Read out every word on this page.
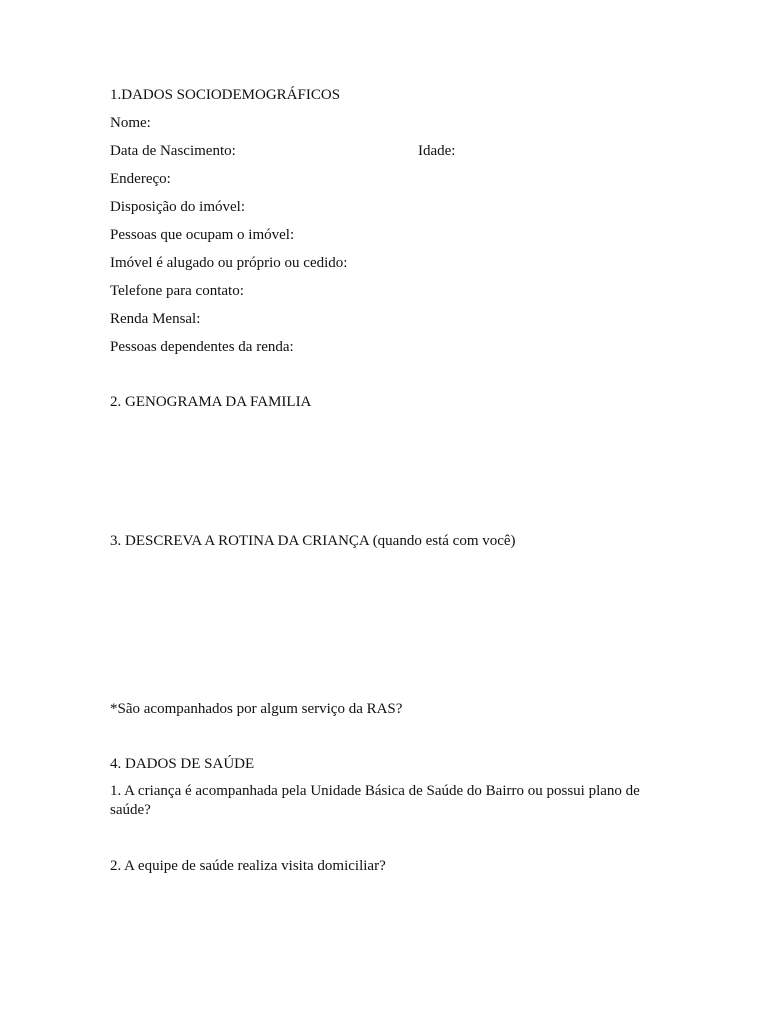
1.DADOS SOCIODEMOGRÁFICOS
Nome:
Data de Nascimento:	Idade:
Endereço:
Disposição do imóvel:
Pessoas que ocupam o imóvel:
Imóvel é alugado ou próprio ou cedido:
Telefone para contato:
Renda Mensal:
Pessoas dependentes da renda:
2. GENOGRAMA DA FAMILIA
3. DESCREVA A ROTINA DA CRIANÇA (quando está com você)
*São acompanhados por algum serviço da RAS?
4. DADOS DE SAÚDE
1. A criança é acompanhada pela Unidade Básica de Saúde do Bairro ou possui plano de saúde?
2. A equipe de saúde realiza visita domiciliar?
